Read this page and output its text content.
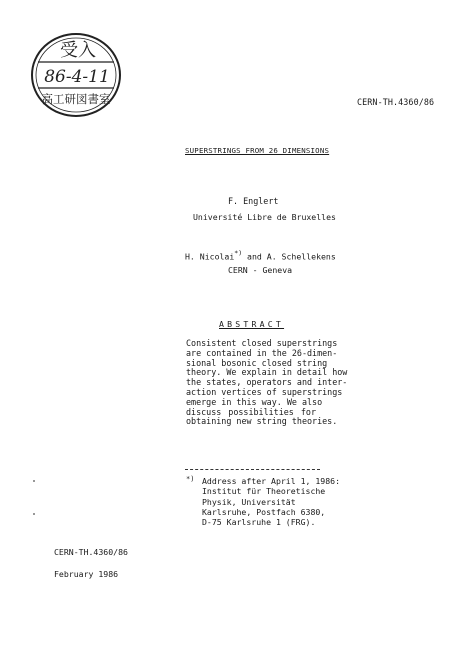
受入
86-4-11
高工研図書室	CERN-TH.4360/86
SUPERSTRINGS FROM 26 DIMENSIONS
F. Englert
Université Libre de Bruxelles
H. Nicolai*) and A. Schellekens
CERN - Geneva
ABSTRACT
Consistent closed superstrings
are contained in the 26-dimen-
sional bosonic closed string
theory. We explain in detail how
the states, operators and inter-
action vertices of superstrings
emerge in this way. We also
discuss possibilities for
obtaining new string theories.
*) Address after April 1, 1986:
Institut für Theoretische
Physik, Universität
Karlsruhe, Postfach 6380,
D-75 Karlsruhe 1 (FRG).
CERN-TH.4360/86
February 1986
